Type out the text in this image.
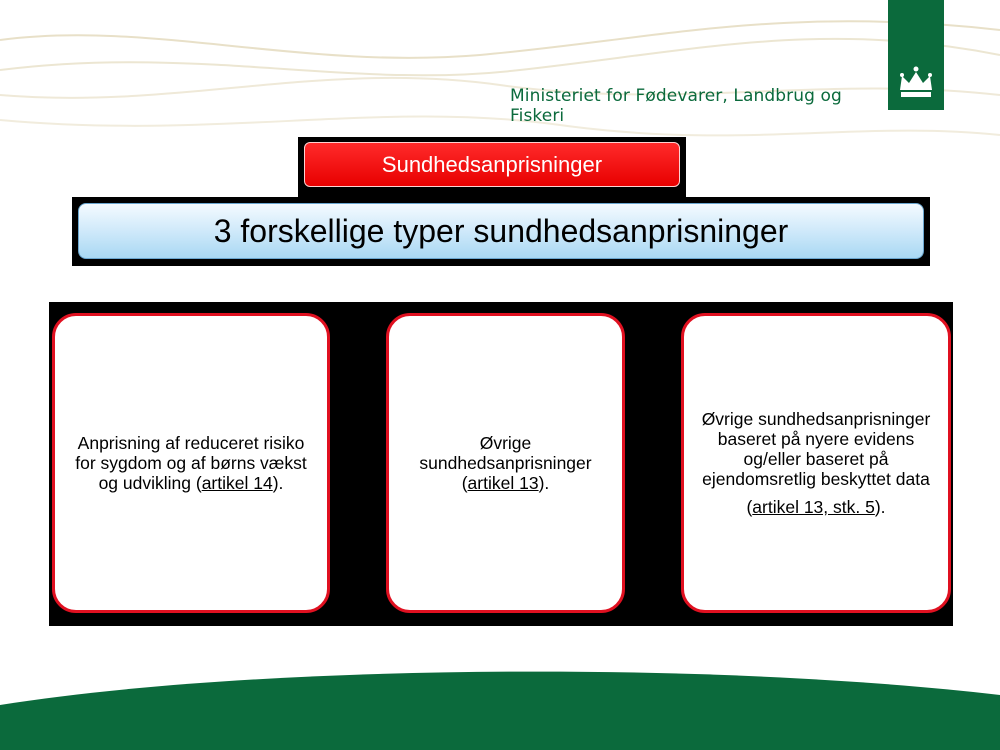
Ministeriet for Fødevarer, Landbrug og Fiskeri
Sundhedsanprisninger
3 forskellige typer sundhedsanprisninger
Anprisning af reduceret risiko for sygdom og af børns vækst og udvikling (artikel 14).
Øvrige sundhedsanprisninger (artikel 13).
Øvrige sundhedsanprisninger baseret på nyere evidens og/eller baseret på ejendomsretlig beskyttet data
(artikel 13, stk. 5).
